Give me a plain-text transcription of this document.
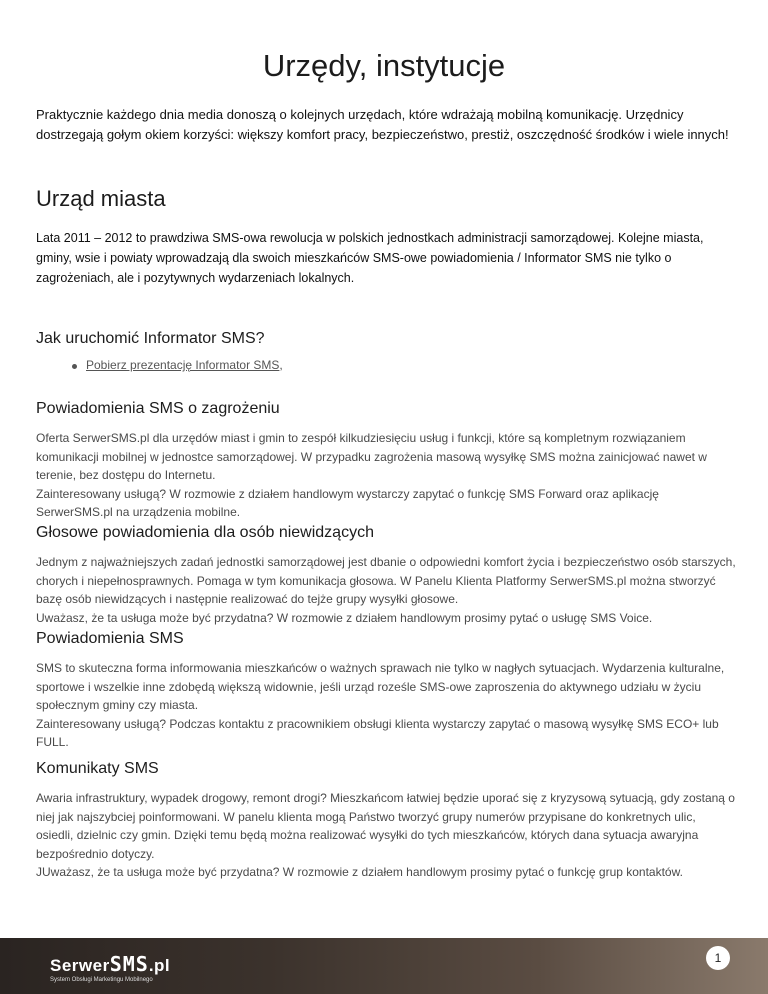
Urzędy, instytucje

Praktycznie każdego dnia media donoszą o kolejnych urzędach, które wdrażają mobilną komunikację. Urzędnicy dostrzegają gołym okiem korzyści: większy komfort pracy, bezpieczeństwo, prestiż, oszczędność środków i wiele innych!

Urząd miasta

Lata 2011 – 2012 to prawdziwa SMS-owa rewolucja w polskich jednostkach administracji samorządowej. Kolejne miasta, gminy, wsie i powiaty wprowadzają dla swoich mieszkańców SMS-owe powiadomienia / Informator SMS nie tylko o zagrożeniach, ale i pozytywnych wydarzeniach lokalnych.

Jak uruchomić Informator SMS?
Pobierz prezentację Informator SMS,
Powiadomienia SMS o zagrożeniu

Oferta SerwerSMS.pl dla urzędów miast i gmin to zespół kilkudziesięciu usług i funkcji, które są kompletnym rozwiązaniem komunikacji mobilnej w jednostce samorządowej. W przypadku zagrożenia masową wysyłkę SMS można zainicjować nawet w terenie, bez dostępu do Internetu.

Zainteresowany usługą? W rozmowie z działem handlowym wystarczy zapytać o funkcję SMS Forward oraz aplikację SerwerSMS.pl na urządzenia mobilne.

Głosowe powiadomienia dla osób niewidzących

Jednym z najważniejszych zadań jednostki samorządowej jest dbanie o odpowiedni komfort życia i bezpieczeństwo osób starszych, chorych i niepełnosprawnych. Pomaga w tym komunikacja głosowa. W Panelu Klienta Platformy SerwerSMS.pl można stworzyć bazę osób niewidzących i następnie realizować do tejże grupy wysyłki głosowe.

Uważasz, że ta usługa może być przydatna? W rozmowie z działem handlowym prosimy pytać o usługę SMS Voice.

Powiadomienia SMS

SMS to skuteczna forma informowania mieszkańców o ważnych sprawach nie tylko w nagłych sytuacjach. Wydarzenia kulturalne, sportowe i wszelkie inne zdobędą większą widownie, jeśli urząd roześle SMS-owe zaproszenia do aktywnego udziału w życiu społecznym gminy czy miasta.

Zainteresowany usługą? Podczas kontaktu z pracownikiem obsługi klienta wystarczy zapytać o masową wysyłkę SMS ECO+ lub FULL.

Komunikaty SMS

Awaria infrastruktury, wypadek drogowy, remont drogi? Mieszkańcom łatwiej będzie uporać się z kryzysową sytuacją, gdy zostaną o niej jak najszybciej poinformowani. W panelu klienta mogą Państwo tworzyć grupy numerów przypisane do konkretnych ulic, osiedli, dzielnic czy gmin. Dzięki temu będą można realizować wysyłki do tych mieszkańców, których dana sytuacja awaryjna bezpośrednio dotyczy.

JUważasz, że ta usługa może być przydatna? W rozmowie z działem handlowym prosimy pytać o funkcję grup kontaktów.

SerwerSMS.pl
System Obsługi Marketingu Mobilnego
1
